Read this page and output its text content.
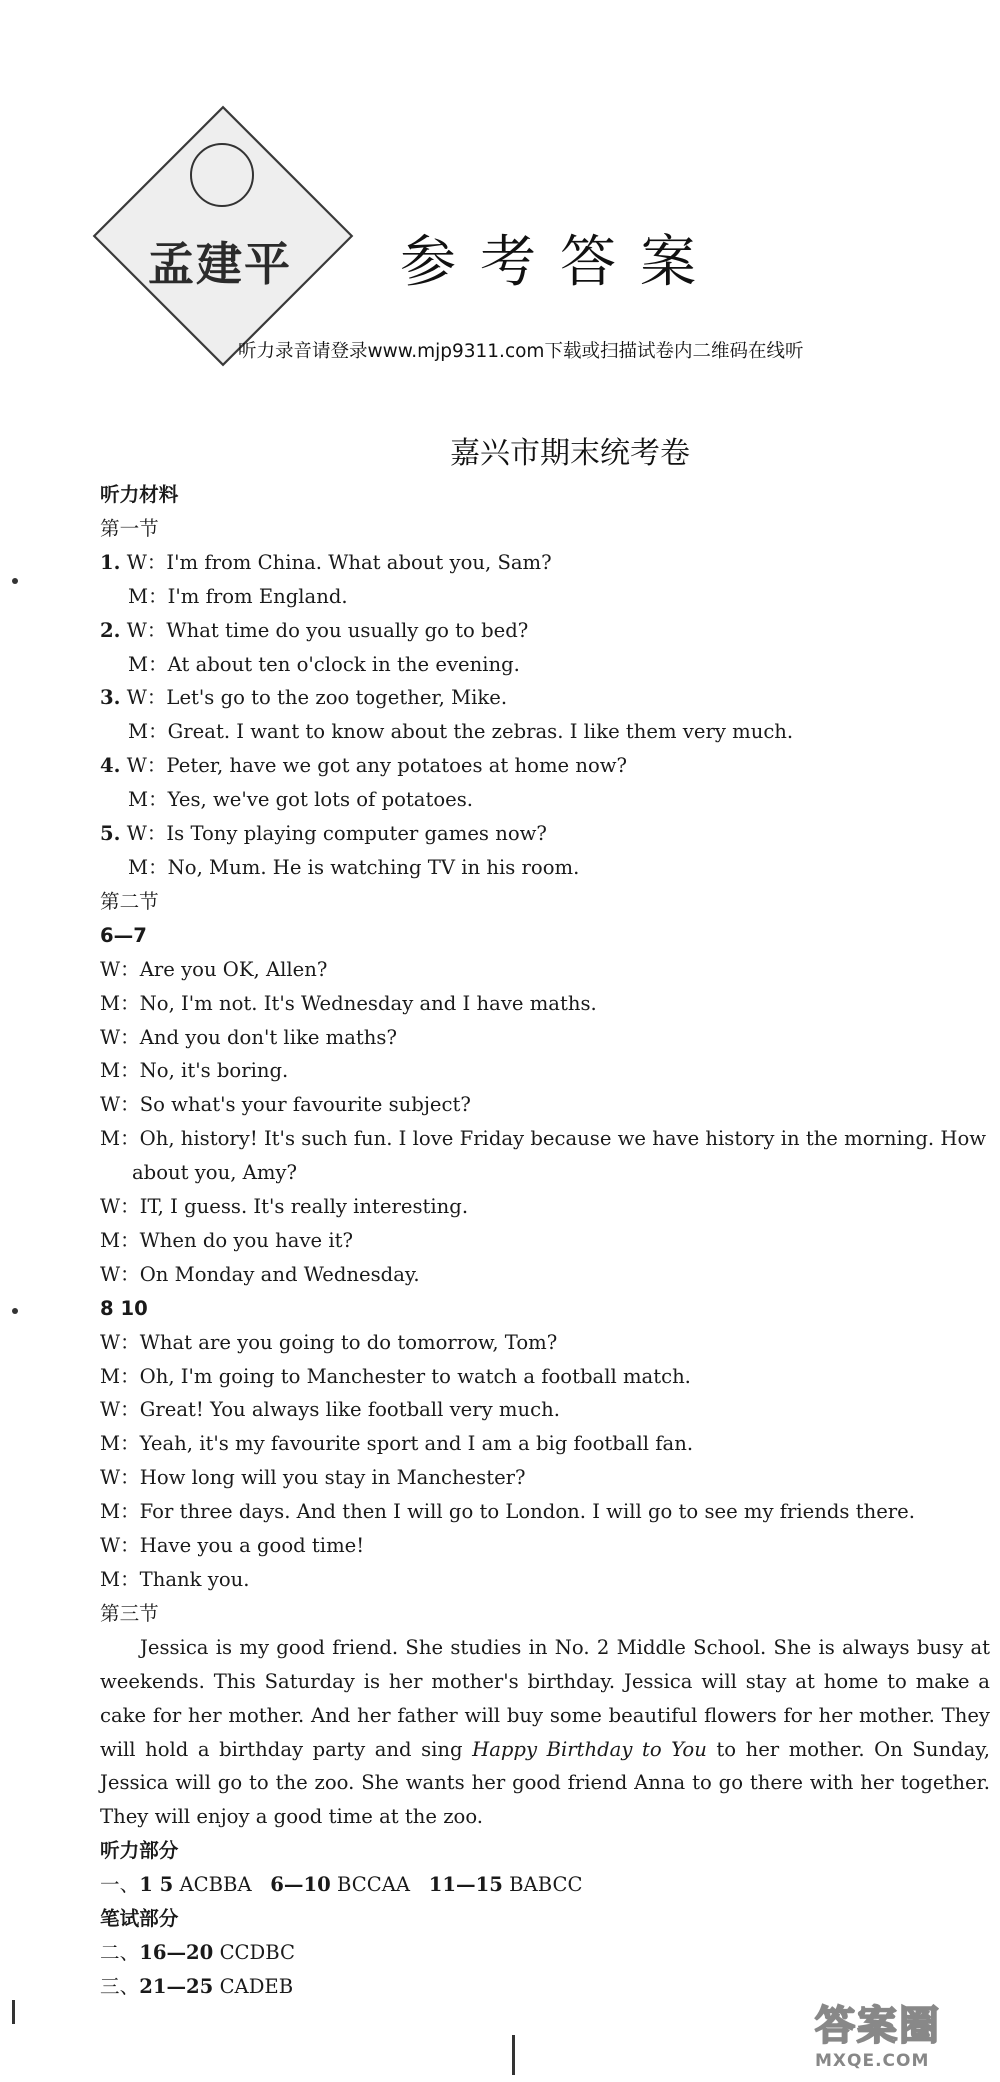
孟建平	参考答案
听力录音请登录www.mjp9311.com下载或扫描试卷内二维码在线听
嘉兴市期末统考卷
听力材料
第一节
1. W：I'm from China. What about you, Sam?
M：I'm from England.
2. W：What time do you usually go to bed?
M：At about ten o'clock in the evening.
3. W：Let's go to the zoo together, Mike.
M：Great. I want to know about the zebras. I like them very much.
4. W：Peter, have we got any potatoes at home now?
M：Yes, we've got lots of potatoes.
5. W：Is Tony playing computer games now?
M：No, Mum. He is watching TV in his room.
第二节
6—7
W：Are you OK, Allen?
M：No, I'm not. It's Wednesday and I have maths.
W：And you don't like maths?
M：No, it's boring.
W：So what's your favourite subject?
M：Oh, history! It's such fun. I love Friday because we have history in the morning. How
about you, Amy?
W：IT, I guess. It's really interesting.
M：When do you have it?
W：On Monday and Wednesday.
8 10
W：What are you going to do tomorrow, Tom?
M：Oh, I'm going to Manchester to watch a football match.
W：Great! You always like football very much.
M：Yeah, it's my favourite sport and I am a big football fan.
W：How long will you stay in Manchester?
M：For three days. And then I will go to London. I will go to see my friends there.
W：Have you a good time!
M：Thank you.
第三节
Jessica is my good friend. She studies in No. 2 Middle School. She is always busy at weekends. This Saturday is her mother's birthday. Jessica will stay at home to make a cake for her mother. And her father will buy some beautiful flowers for her mother. They will hold a birthday party and sing Happy Birthday to You to her mother. On Sunday, Jessica will go to the zoo. She wants her good friend Anna to go there with her together. They will enjoy a good time at the zoo.
听力部分
一、1 5 ACBBA 6—10 BCCAA 11—15 BABCC
笔试部分
二、16—20 CCDBC
三、21—25 CADEB
答案圈
MXQE.COM
